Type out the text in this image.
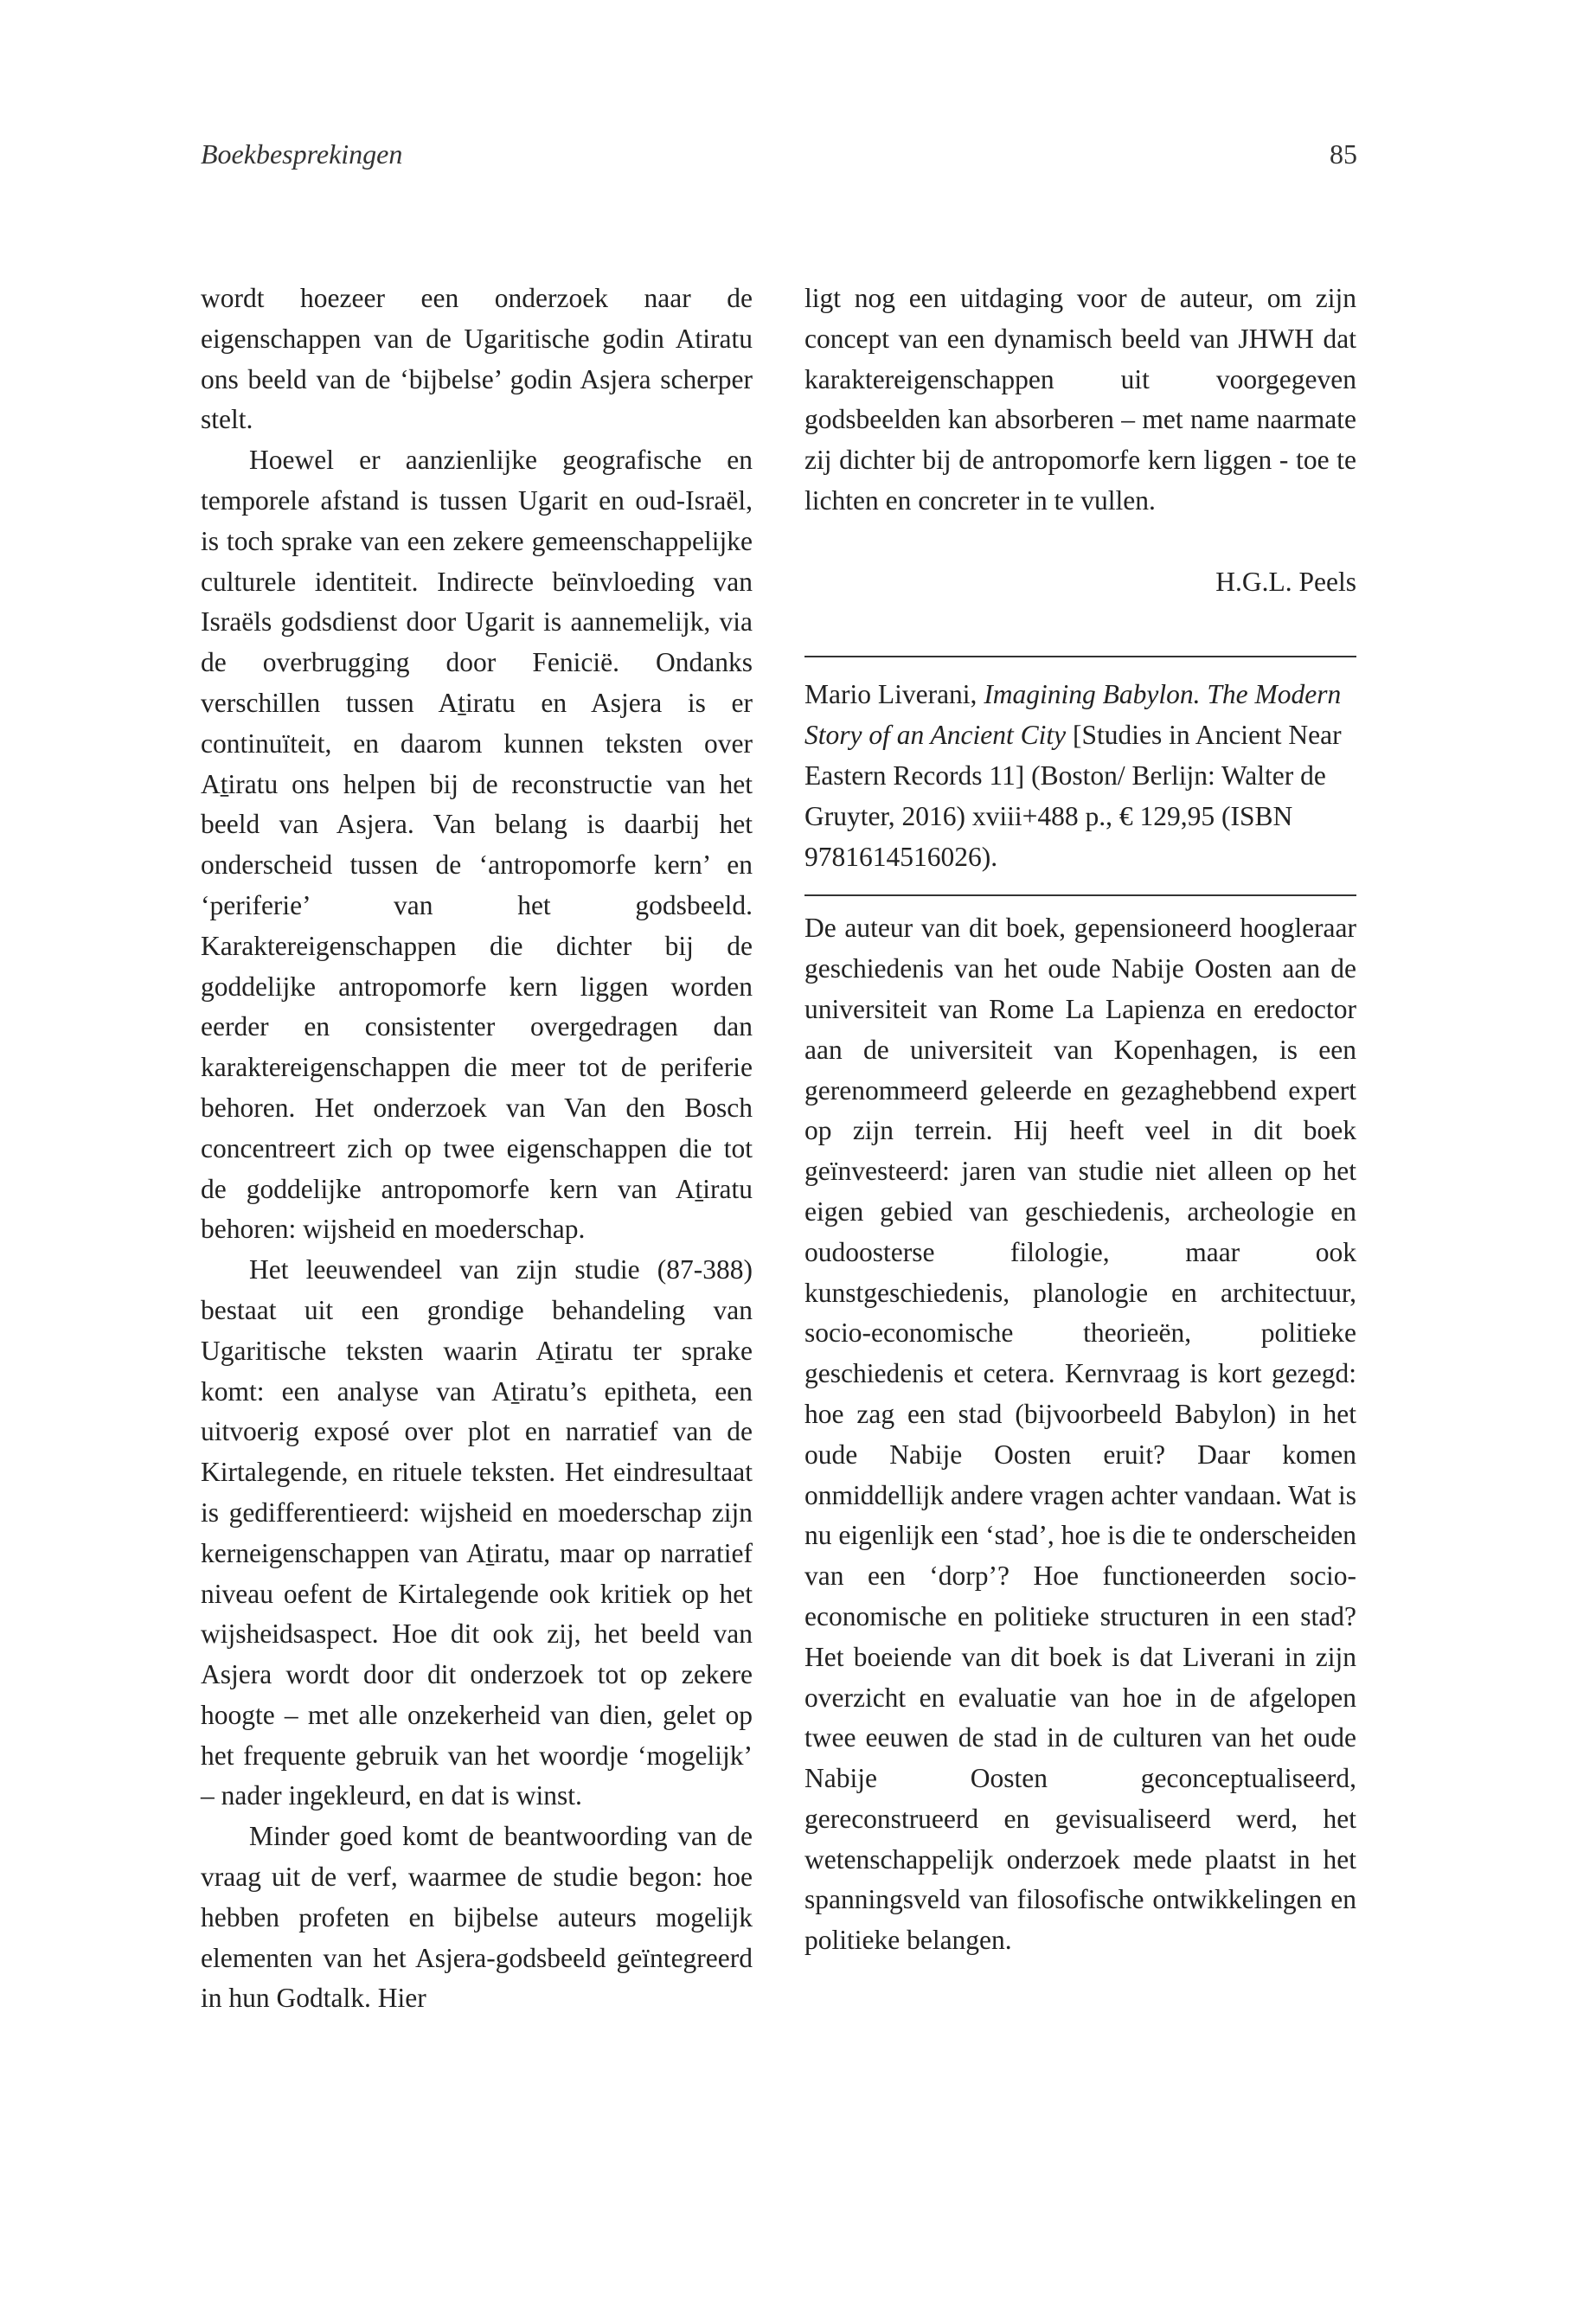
Boekbesprekingen	85

wordt hoezeer een onderzoek naar de eigenschappen van de Ugaritische godin Atiratu ons beeld van de ‘bijbelse’ godin Asjera scherper stelt.

Hoewel er aanzienlijke geografische en temporele afstand is tussen Ugarit en oud-Israël, is toch sprake van een zekere gemeenschappelijke culturele identiteit. Indirecte beïnvloeding van Israëls godsdienst door Ugarit is aannemelijk, via de overbrugging door Fenicië. Ondanks verschillen tussen Aṯiratu en Asjera is er continuïteit, en daarom kunnen teksten over Aṯiratu ons helpen bij de reconstructie van het beeld van Asjera. Van belang is daarbij het onderscheid tussen de ‘antropomorfe kern’ en ‘periferie’ van het godsbeeld. Karaktereigenschappen die dichter bij de goddelijke antropomorfe kern liggen worden eerder en consistenter overgedragen dan karaktereigenschappen die meer tot de periferie behoren. Het onderzoek van Van den Bosch concentreert zich op twee eigenschappen die tot de goddelijke antropomorfe kern van Aṯiratu behoren: wijsheid en moederschap.

Het leeuwendeel van zijn studie (87-388) bestaat uit een grondige behandeling van Ugaritische teksten waarin Aṯiratu ter sprake komt: een analyse van Aṯiratu’s epitheta, een uitvoerig exposé over plot en narratief van de Kirtalegende, en rituele teksten. Het eindresultaat is gedifferentieerd: wijsheid en moederschap zijn kerneigenschappen van Aṯiratu, maar op narratief niveau oefent de Kirtalegende ook kritiek op het wijsheidsaspect. Hoe dit ook zij, het beeld van Asjera wordt door dit onderzoek tot op zekere hoogte – met alle onzekerheid van dien, gelet op het frequente gebruik van het woordje ‘mogelijk’ – nader ingekleurd, en dat is winst.

Minder goed komt de beantwoording van de vraag uit de verf, waarmee de studie begon: hoe hebben profeten en bijbelse auteurs mogelijk elementen van het Asjera-godsbeeld geïntegreerd in hun Godtalk. Hier

ligt nog een uitdaging voor de auteur, om zijn concept van een dynamisch beeld van JHWH dat karaktereigenschappen uit voorgegeven godsbeelden kan absorberen – met name naarmate zij dichter bij de antropomorfe kern liggen - toe te lichten en concreter in te vullen.

H.G.L. Peels

Mario Liverani, Imagining Babylon. The Modern Story of an Ancient City [Studies in Ancient Near Eastern Records 11] (Boston/ Berlijn: Walter de Gruyter, 2016) xviii+488 p., € 129,95 (ISBN 9781614516026).

De auteur van dit boek, gepensioneerd hoogleraar geschiedenis van het oude Nabije Oosten aan de universiteit van Rome La Lapienza en eredoctor aan de universiteit van Kopenhagen, is een gerenommeerd geleerde en gezaghebbend expert op zijn terrein. Hij heeft veel in dit boek geïnvesteerd: jaren van studie niet alleen op het eigen gebied van geschiedenis, archeologie en oudoosterse filologie, maar ook kunstgeschiedenis, planologie en architectuur, socio-economische theorieën, politieke geschiedenis et cetera. Kernvraag is kort gezegd: hoe zag een stad (bijvoorbeeld Babylon) in het oude Nabije Oosten eruit? Daar komen onmiddellijk andere vragen achter vandaan. Wat is nu eigenlijk een ‘stad’, hoe is die te onderscheiden van een ‘dorp’? Hoe functioneerden socio-economische en politieke structuren in een stad? Het boeiende van dit boek is dat Liverani in zijn overzicht en evaluatie van hoe in de afgelopen twee eeuwen de stad in de culturen van het oude Nabije Oosten geconceptualiseerd, gereconstrueerd en gevisualiseerd werd, het wetenschappelijk onderzoek mede plaatst in het spanningsveld van filosofische ontwikkelingen en politieke belangen.
